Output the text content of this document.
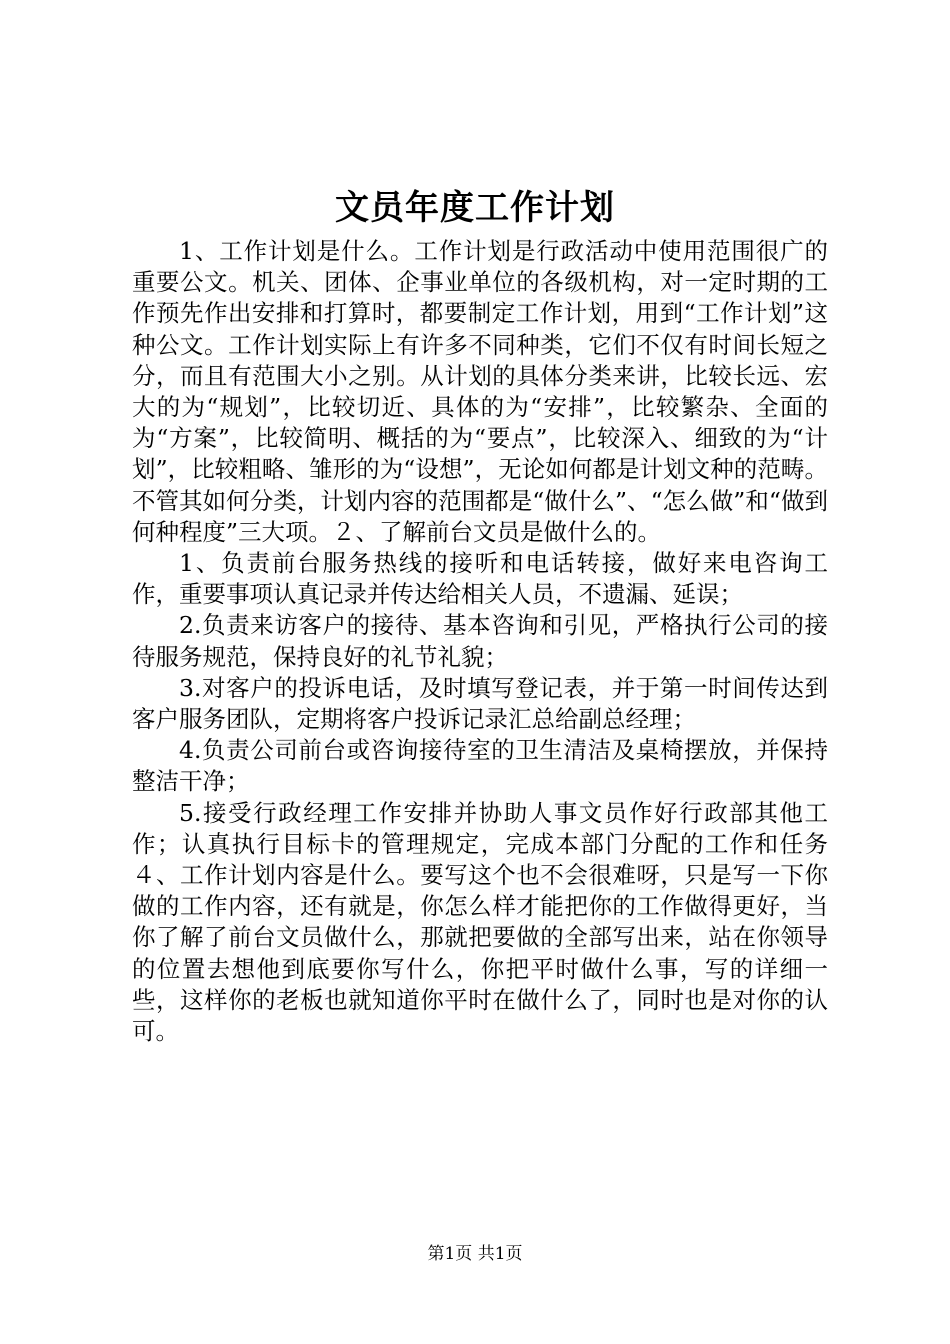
文员年度工作计划

1、工作计划是什么。工作计划是行政活动中使用范围很广的重要公文。机关、团体、企事业单位的各级机构，对一定时期的工作预先作出安排和打算时，都要制定工作计划，用到“工作计划”这种公文。工作计划实际上有许多不同种类，它们不仅有时间长短之分，而且有范围大小之别。从计划的具体分类来讲，比较长远、宏大的为“规划”，比较切近、具体的为“安排”，比较繁杂、全面的为“方案”，比较简明、概括的为“要点”，比较深入、细致的为“计划”，比较粗略、雏形的为“设想”，无论如何都是计划文种的范畴。不管其如何分类，计划内容的范围都是“做什么”、“怎么做”和“做到何种程度”三大项。２、了解前台文员是做什么的。

1、负责前台服务热线的接听和电话转接，做好来电咨询工作，重要事项认真记录并传达给相关人员，不遗漏、延误；

2.负责来访客户的接待、基本咨询和引见，严格执行公司的接待服务规范，保持良好的礼节礼貌；

3.对客户的投诉电话，及时填写登记表，并于第一时间传达到客户服务团队，定期将客户投诉记录汇总给副总经理；

4.负责公司前台或咨询接待室的卫生清洁及桌椅摆放，并保持整洁干净；

5.接受行政经理工作安排并协助人事文员作好行政部其他工作；认真执行目标卡的管理规定，完成本部门分配的工作和任务４、工作计划内容是什么。要写这个也不会很难呀，只是写一下你做的工作内容，还有就是，你怎么样才能把你的工作做得更好，当你了解了前台文员做什么，那就把要做的全部写出来，站在你领导的位置去想他到底要你写什么，你把平时做什么事，写的详细一些，这样你的老板也就知道你平时在做什么了，同时也是对你的认可。

第1页 共1页
